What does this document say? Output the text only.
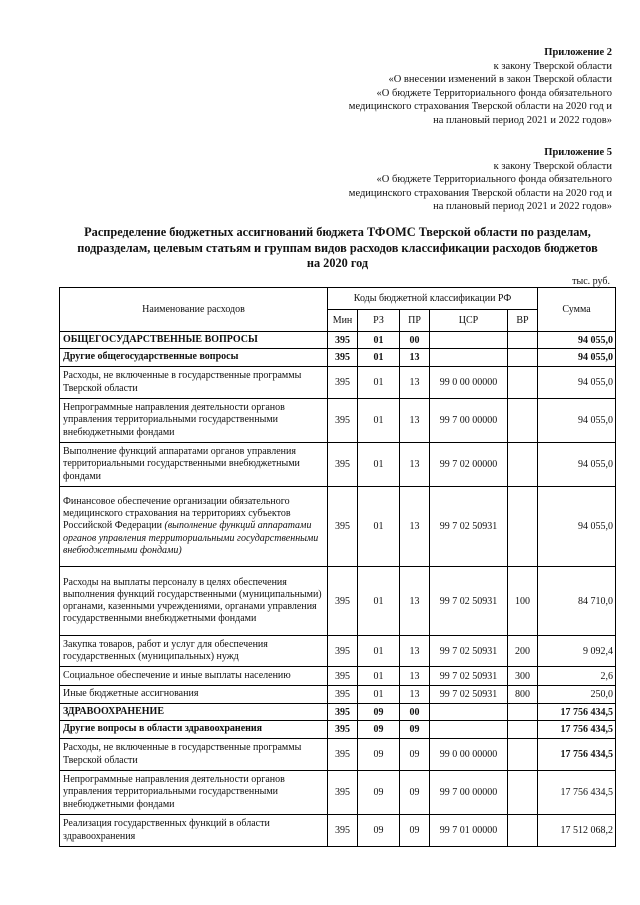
Приложение 2
к закону Тверской области
«О внесении изменений в закон Тверской области
«О бюджете Территориального фонда обязательного
медицинского страхования Тверской области на 2020 год и
на плановый период 2021 и 2022 годов»
Приложение 5
к закону Тверской области
«О бюджете Территориального фонда обязательного
медицинского страхования Тверской области на 2020 год и
на плановый период 2021 и 2022 годов»
Распределение бюджетных ассигнований бюджета ТФОМС Тверской области по разделам,
подразделам, целевым статьям и группам видов расходов классификации расходов бюджетов
на 2020 год
тыс. руб.
Наименование расходов	Коды бюджетной классификации РФ					Сумма
	Мин	РЗ	ПР	ЦСР	ВР	
ОБЩЕГОСУДАРСТВЕННЫЕ ВОПРОСЫ	395	01	00			94 055,0
Другие общегосударственные вопросы	395	01	13			94 055,0
Расходы, не включенные в государственные программы Тверской области	395	01	13	99 0 00 00000		94 055,0
Непрограммные направления деятельности органов управления территориальными государственными внебюджетными фондами	395	01	13	99 7 00 00000		94 055,0
Выполнение функций аппаратами органов управления территориальными государственными внебюджетными фондами	395	01	13	99 7 02 00000		94 055,0
Финансовое обеспечение организации обязательного медицинского страхования на территориях субъектов Российской Федерации (выполнение функций аппаратами органов управления территориальными государственными внебюджетными фондами)	395	01	13	99 7 02 50931		94 055,0
Расходы на выплаты персоналу в целях обеспечения выполнения функций государственными (муниципальными) органами, казенными учреждениями, органами управления государственными внебюджетными фондами	395	01	13	99 7 02 50931	100	84 710,0
Закупка товаров, работ и услуг для обеспечения государственных (муниципальных) нужд	395	01	13	99 7 02 50931	200	9 092,4
Социальное обеспечение и иные выплаты населению	395	01	13	99 7 02 50931	300	2,6
Иные бюджетные ассигнования	395	01	13	99 7 02 50931	800	250,0
ЗДРАВООХРАНЕНИЕ	395	09	00			17 756 434,5
Другие вопросы в области здравоохранения	395	09	09			17 756 434,5
Расходы, не включенные в государственные программы Тверской области	395	09	09	99 0 00 00000		17 756 434,5
Непрограммные направления деятельности органов управления территориальными государственными внебюджетными фондами	395	09	09	99 7 00 00000		17 756 434,5
Реализация государственных функций в области здравоохранения	395	09	09	99 7 01 00000		17 512 068,2
